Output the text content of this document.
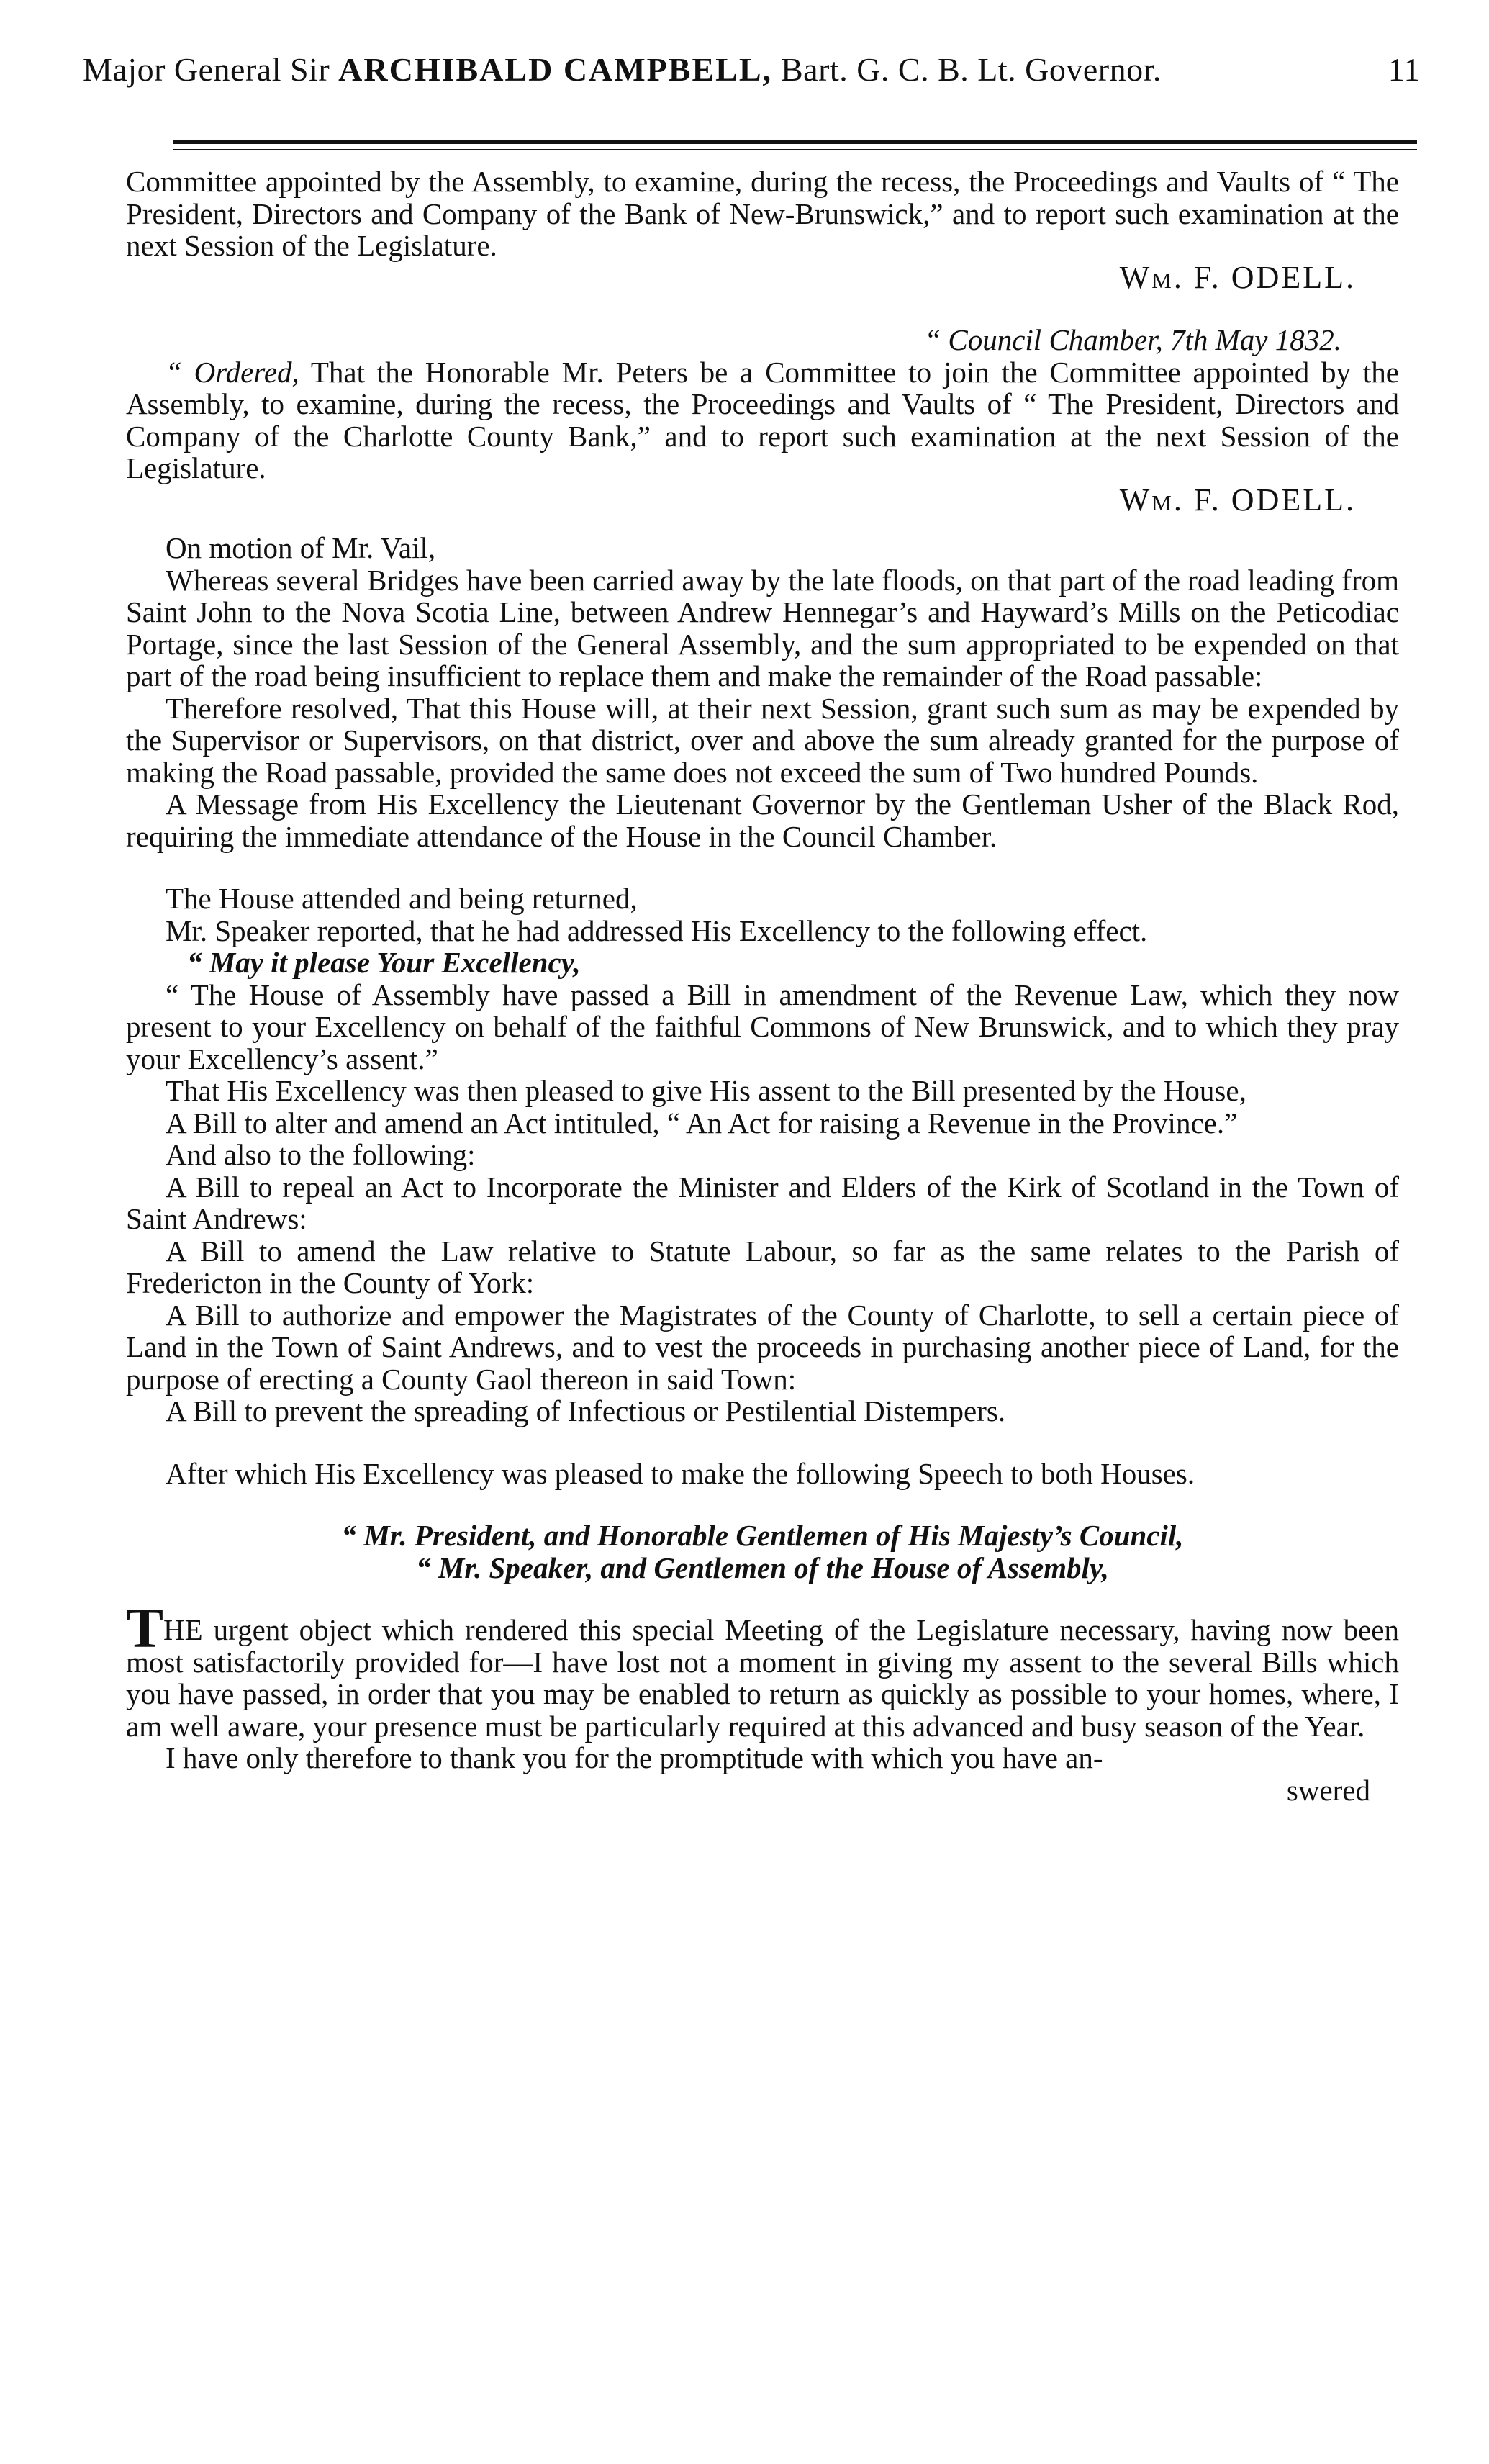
Major General Sir ARCHIBALD CAMPBELL, Bart. G. C. B. Lt. Governor.	11

Committee appointed by the Assembly, to examine, during the recess, the Proceedings and Vaults of “ The President, Directors and Company of the Bank of New-Brunswick,” and to report such examination at the next Session of the Legislature.

Wm. F. ODELL.

“ Council Chamber, 7th May 1832.

“ Ordered, That the Honorable Mr. Peters be a Committee to join the Committee appointed by the Assembly, to examine, during the recess, the Proceedings and Vaults of “ The President, Directors and Company of the Charlotte County Bank,” and to report such examination at the next Session of the Legislature.

Wm. F. ODELL.

On motion of Mr. Vail,

Whereas several Bridges have been carried away by the late floods, on that part of the road leading from Saint John to the Nova Scotia Line, between Andrew Hennegar’s and Hayward’s Mills on the Peticodiac Portage, since the last Session of the General Assembly, and the sum appropriated to be expended on that part of the road being insufficient to replace them and make the remainder of the Road passable:

Therefore resolved, That this House will, at their next Session, grant such sum as may be expended by the Supervisor or Supervisors, on that district, over and above the sum already granted for the purpose of making the Road passable, provided the same does not exceed the sum of Two hundred Pounds.

A Message from His Excellency the Lieutenant Governor by the Gentleman Usher of the Black Rod, requiring the immediate attendance of the House in the Council Chamber.

The House attended and being returned,

Mr. Speaker reported, that he had addressed His Excellency to the following effect.

“ May it please Your Excellency,

“ The House of Assembly have passed a Bill in amendment of the Revenue Law, which they now present to your Excellency on behalf of the faithful Commons of New Brunswick, and to which they pray your Excellency’s assent.”

That His Excellency was then pleased to give His assent to the Bill presented by the House,

A Bill to alter and amend an Act intituled, “ An Act for raising a Revenue in the Province.”

And also to the following:

A Bill to repeal an Act to Incorporate the Minister and Elders of the Kirk of Scotland in the Town of Saint Andrews:

A Bill to amend the Law relative to Statute Labour, so far as the same relates to the Parish of Fredericton in the County of York:

A Bill to authorize and empower the Magistrates of the County of Charlotte, to sell a certain piece of Land in the Town of Saint Andrews, and to vest the proceeds in purchasing another piece of Land, for the purpose of erecting a County Gaol thereon in said Town:

A Bill to prevent the spreading of Infectious or Pestilential Distempers.

After which His Excellency was pleased to make the following Speech to both Houses.

“ Mr. President, and Honorable Gentlemen of His Majesty’s Council,

“ Mr. Speaker, and Gentlemen of the House of Assembly,

THE urgent object which rendered this special Meeting of the Legislature necessary, having now been most satisfactorily provided for—I have lost not a moment in giving my assent to the several Bills which you have passed, in order that you may be enabled to return as quickly as possible to your homes, where, I am well aware, your presence must be particularly required at this advanced and busy season of the Year.

I have only therefore to thank you for the promptitude with which you have an-

swered
